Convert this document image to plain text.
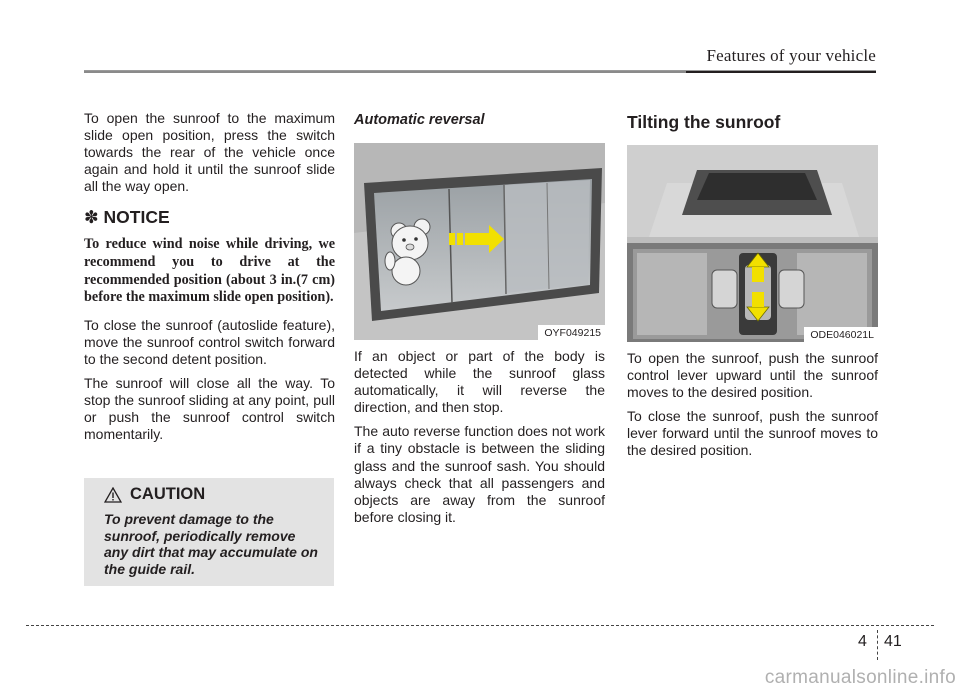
Features of your vehicle

To open the sunroof to the maximum slide open position, press the switch towards the rear of the vehicle once again and hold it until the sunroof slide all the way open.

✽ NOTICE
To reduce wind noise while driving, we recommend you to drive at the recommended position (about 3 in.(7 cm) before the maximum slide open position).

To close the sunroof (autoslide feature), move the sunroof control switch forward to the second detent position.

The sunroof will close all the way. To stop the sunroof sliding at any point, pull or push the sunroof control switch momentarily.

CAUTION
To prevent damage to the sunroof, periodically remove any dirt that may accumulate on the guide rail.
Automatic reversal
OYF049215

If an object or part of the body is detected while the sunroof glass automatically, it will reverse the direction, and then stop.

The auto reverse function does not work if a tiny obstacle is between the sliding glass and the sunroof sash. You should always check that all passengers and objects are away from the sunroof before closing it.

Tilting the sunroof
ODE046021L

To open the sunroof, push the sunroof control lever upward until the sunroof moves to the desired position.

To close the sunroof, push the sunroof lever forward until the sunroof moves to the desired position.

4 41
carmanualsonline.info
